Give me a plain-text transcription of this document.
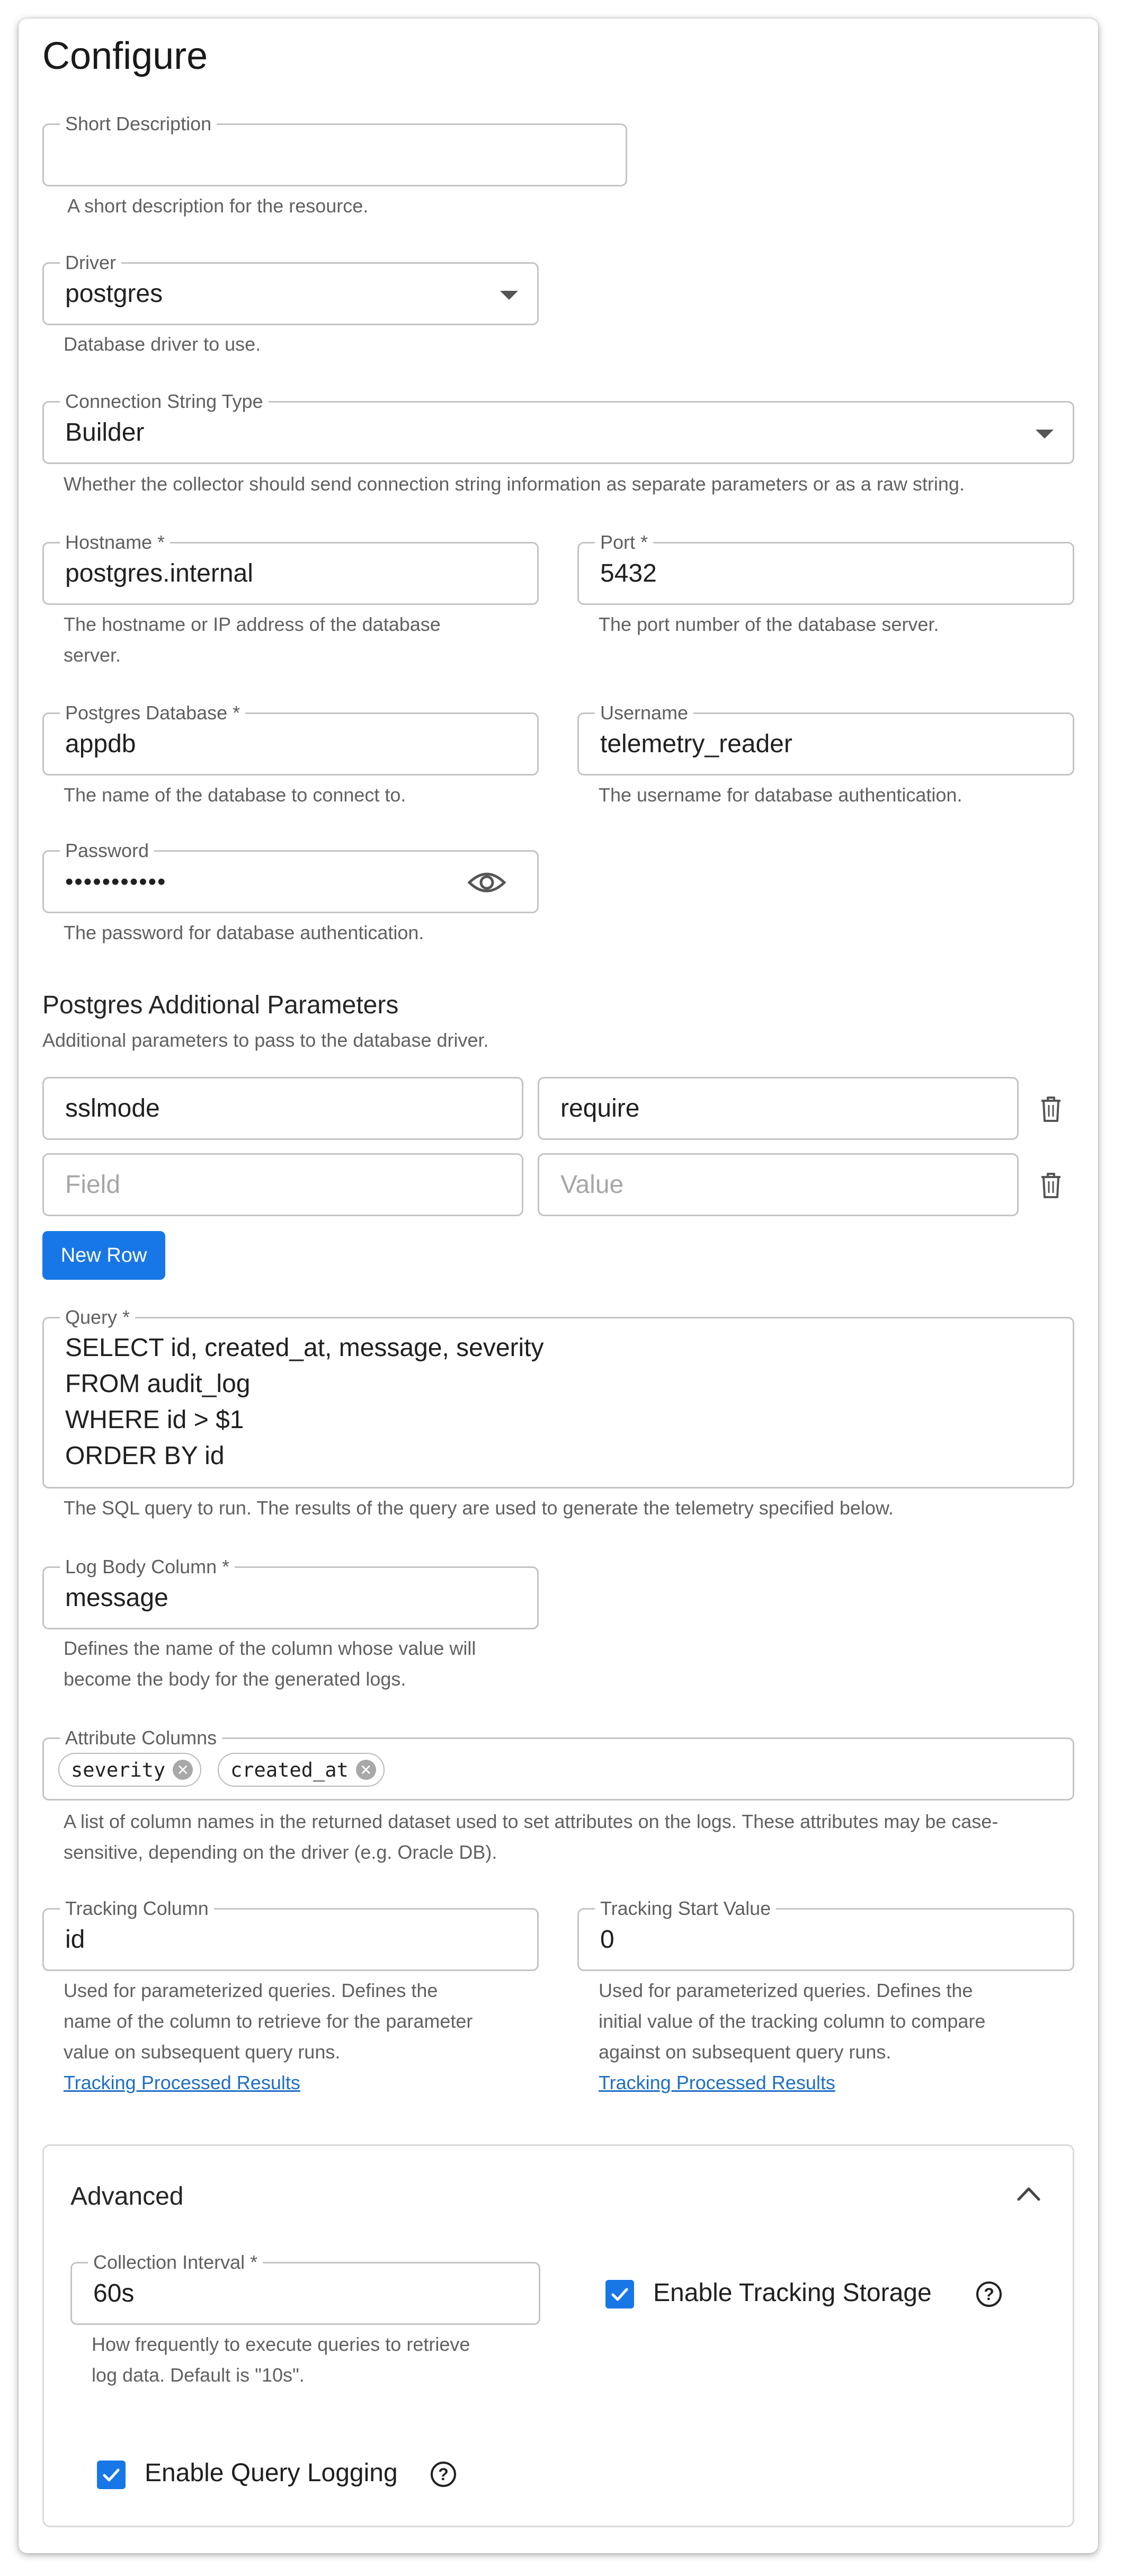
Configure
Short Description
A short description for the resource.
Driver
postgres
Database driver to use.
Connection String Type
Builder
Whether the collector should send connection string information as separate parameters or as a raw string.
Hostname *
postgres.internal
The hostname or IP address of the database
server.
Port *
5432
The port number of the database server.
Postgres Database *
appdb
The name of the database to connect to.
Username
telemetry_reader
The username for database authentication.
Password
•••••••••••
The password for database authentication.
Postgres Additional Parameters
Additional parameters to pass to the database driver.
sslmode	require
Field	Value
New Row
Query *
SELECT id, created_at, message, severity
FROM audit_log
WHERE id > $1
ORDER BY id
The SQL query to run. The results of the query are used to generate the telemetry specified below.
Log Body Column *
message
Defines the name of the column whose value will
become the body for the generated logs.
Attribute Columns
severity ✕ created_at ✕
A list of column names in the returned dataset used to set attributes on the logs. These attributes may be case-
sensitive, depending on the driver (e.g. Oracle DB).
Tracking Column
id
Used for parameterized queries. Defines the
name of the column to retrieve for the parameter
value on subsequent query runs.
Tracking Processed Results
Tracking Start Value
0
Used for parameterized queries. Defines the
initial value of the tracking column to compare
against on subsequent query runs.
Tracking Processed Results
Advanced
Collection Interval *
60s
How frequently to execute queries to retrieve
log data. Default is "10s".
Enable Tracking Storage	?
Enable Query Logging	?
